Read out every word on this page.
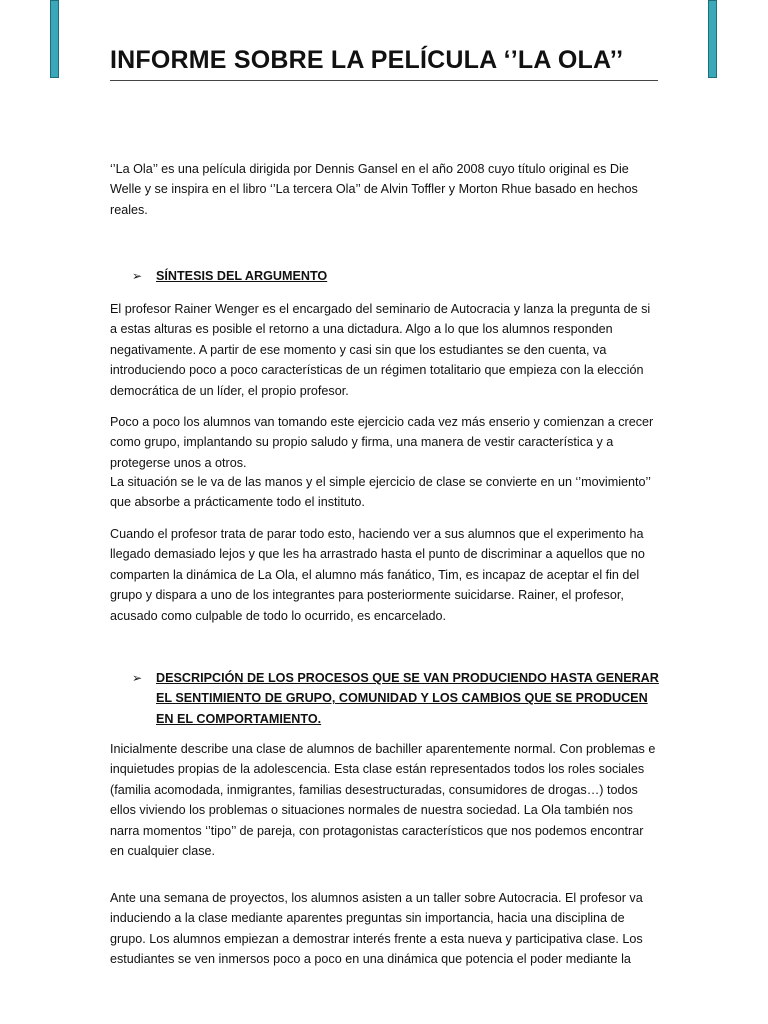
INFORME SOBRE LA PELÍCULA ‘’LA OLA’’

‘’La Ola’’ es una película dirigida por Dennis Gansel en el año 2008 cuyo título original es Die Welle y se inspira en el libro ‘’La tercera Ola’’ de Alvin Toffler y Morton Rhue basado en hechos reales.

➢ SÍNTESIS DEL ARGUMENTO

El profesor Rainer Wenger es el encargado del seminario de Autocracia y lanza la pregunta de si a estas alturas es posible el retorno a una dictadura. Algo a lo que los alumnos responden negativamente. A partir de ese momento y casi sin que los estudiantes se den cuenta, va introduciendo poco a poco características de un régimen totalitario que empieza con la elección democrática de un líder, el propio profesor.

Poco a poco los alumnos van tomando este ejercicio cada vez más enserio y comienzan a crecer como grupo, implantando su propio saludo y firma, una manera de vestir característica y a protegerse unos a otros.

La situación se le va de las manos y el simple ejercicio de clase se convierte en un ‘’movimiento’’ que absorbe a prácticamente todo el instituto.

Cuando el profesor trata de parar todo esto, haciendo ver a sus alumnos que el experimento ha llegado demasiado lejos y que les ha arrastrado hasta el punto de discriminar a aquellos que no comparten la dinámica de La Ola, el alumno más fanático, Tim, es incapaz de aceptar el fin del grupo y dispara a uno de los integrantes para posteriormente suicidarse. Rainer, el profesor, acusado como culpable de todo lo ocurrido, es encarcelado.

➢ DESCRIPCIÓN DE LOS PROCESOS QUE SE VAN PRODUCIENDO HASTA GENERAR EL SENTIMIENTO DE GRUPO, COMUNIDAD Y LOS CAMBIOS QUE SE PRODUCEN EN EL COMPORTAMIENTO.

Inicialmente describe una clase de alumnos de bachiller aparentemente normal. Con problemas e inquietudes propias de la adolescencia. Esta clase están representados todos los roles sociales (familia acomodada, inmigrantes, familias desestructuradas, consumidores de drogas…) todos ellos viviendo los problemas o situaciones normales de nuestra sociedad. La Ola también nos narra momentos ‘’tipo’’ de pareja, con protagonistas característicos que nos podemos encontrar en cualquier clase.

Ante una semana de proyectos, los alumnos asisten a un taller sobre Autocracia. El profesor va induciendo a la clase mediante aparentes preguntas sin importancia, hacia una disciplina de grupo. Los alumnos empiezan a demostrar interés frente a esta nueva y participativa clase. Los estudiantes se ven inmersos poco a poco en una dinámica que potencia el poder mediante la
